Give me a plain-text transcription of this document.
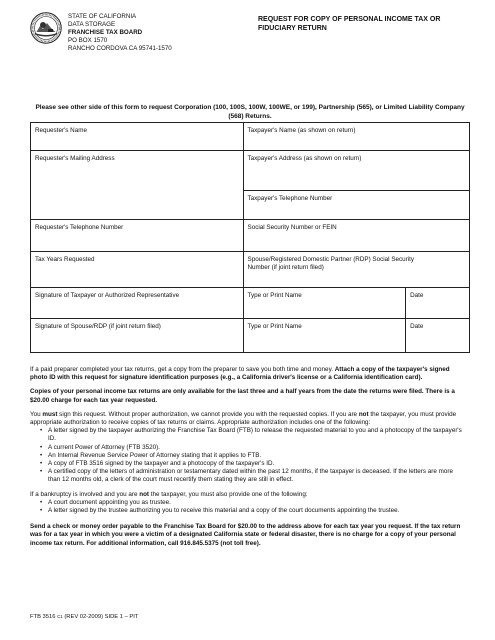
STATE OF CALIFORNIA
DATA STORAGE
FRANCHISE TAX BOARD
PO BOX 1570
RANCHO CORDOVA CA 95741-1570
REQUEST FOR COPY OF PERSONAL INCOME TAX OR
FIDUCIARY RETURN
Please see other side of this form to request Corporation (100, 100S, 100W, 100WE, or 199), Partnership (565), or Limited Liability Company (568) Returns.
Requester's Name	Taxpayer's Name (as shown on return)	
Requester's Mailing Address	Taxpayer's Address (as shown on return)	
	Taxpayer's Telephone Number	
Requester's Telephone Number	Social Security Number or FEIN	
Tax Years Requested	Spouse/Registered Domestic Partner (RDP) Social Security
Number (if joint return filed)	

Signature of Taxpayer or Authorized Representative	Type or Print Name	Date
Signature of Spouse/RDP (if joint return filed)	Type or Print Name	Date

If a paid preparer completed your tax returns, get a copy from the preparer to save you both time and money. Attach a copy of the taxpayer's signed photo ID with this request for signature identification purposes (e.g., a California driver's license or a California identification card).

Copies of your personal income tax returns are only available for the last three and a half years from the date the returns were filed. There is a $20.00 charge for each tax year requested.

You must sign this request. Without proper authorization, we cannot provide you with the requested copies. If you are not the taxpayer, you must provide appropriate authorization to receive copies of tax returns or claims. Appropriate authorization includes one of the following:

• A letter signed by the taxpayer authorizing the Franchise Tax Board (FTB) to release the requested material to you and a photocopy of the taxpayer's ID.
• A current Power of Attorney (FTB 3520).
• An Internal Revenue Service Power of Attorney stating that it applies to FTB.
• A copy of FTB 3516 signed by the taxpayer and a photocopy of the taxpayer's ID.
• A certified copy of the letters of administration or testamentary dated within the past 12 months, if the taxpayer is deceased. If the letters are more than 12 months old, a clerk of the court must recertify them stating they are still in effect.

If a bankruptcy is involved and you are not the taxpayer, you must also provide one of the following:

• A court document appointing you as trustee.
• A letter signed by the trustee authorizing you to receive this material and a copy of the court documents appointing the trustee.

Send a check or money order payable to the Franchise Tax Board for $20.00 to the address above for each tax year you request. If the tax return was for a tax year in which you were a victim of a designated California state or federal disaster, there is no charge for a copy of your personal income tax return. For additional information, call 916.845.5375 (not toll free).

FTB 3516 C1 (REV 02-2009) SIDE 1 – PIT
